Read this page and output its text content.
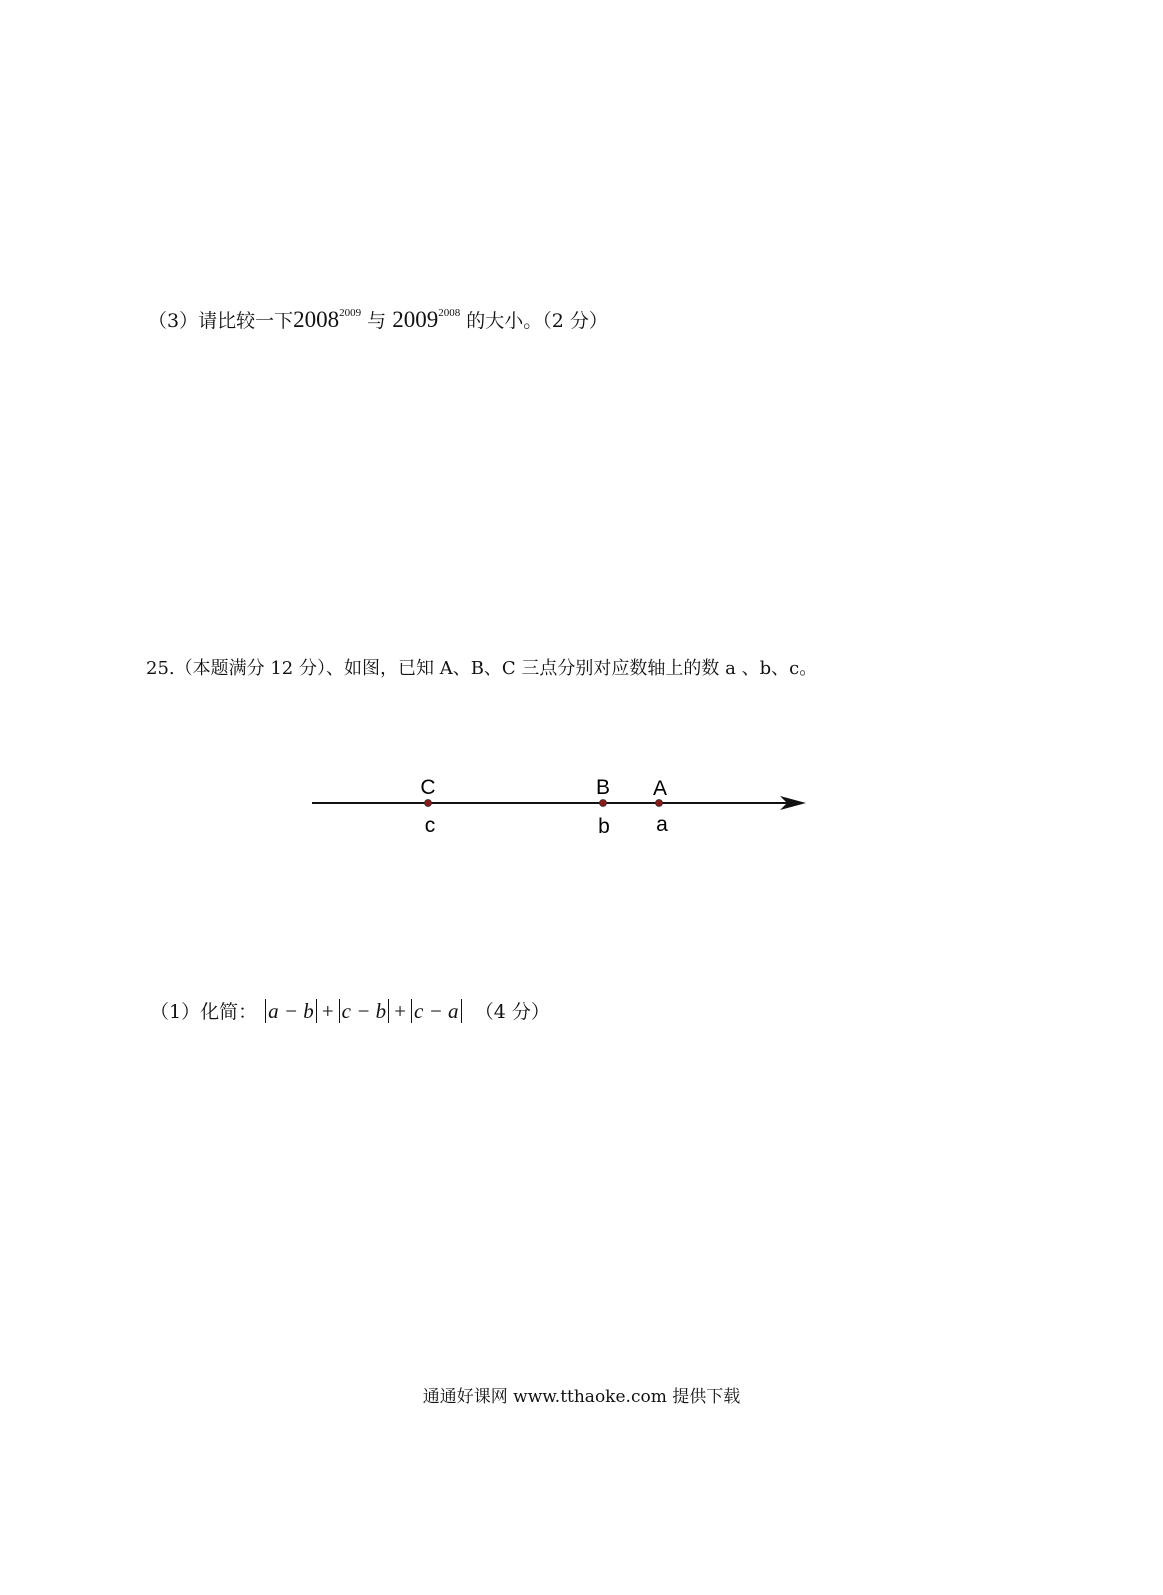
（3）请比较一下$2008^{2009}$ 与 $2009^{2008}$ 的大小。（2 分）
25.（本题满分 12 分）、如图，已知 A、B、C 三点分别对应数轴上的数 a 、b、c。
C
c
B
b
A
a
（1）化简： a − b + c − b + c − a （4 分）
通通好课网 www.tthaoke.com 提供下载
